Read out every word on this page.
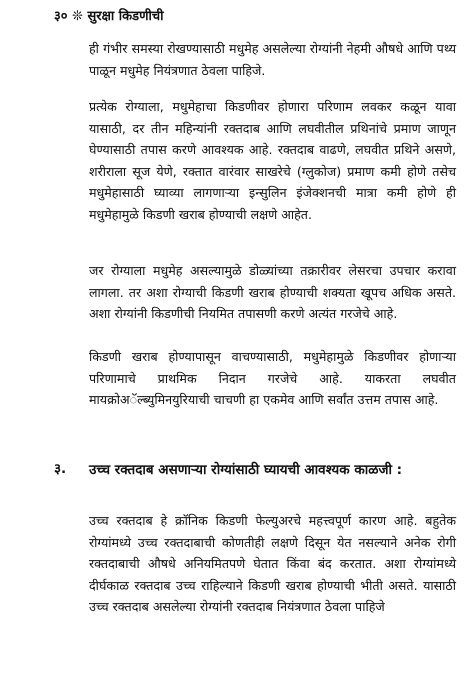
३० ❊ सुरक्षा किडणीची

ही गंभीर समस्या रोखण्यासाठी मधुमेह असलेल्या रोग्यांनी नेहमी औषधे आणि पथ्य पाळून मधुमेह नियंत्रणात ठेवला पाहिजे.

प्रत्येक रोग्याला, मधुमेहाचा किडणीवर होणारा परिणाम लवकर कळून यावा यासाठी, दर तीन महिन्यांनी रक्तदाब आणि लघवीतील प्रथिनांचे प्रमाण जाणून घेण्यासाठी तपास करणे आवश्यक आहे. रक्तदाब वाढणे, लघवीत प्रथिने असणे, शरीराला सूज येणे, रक्तात वारंवार साखरेचे (ग्लुकोज) प्रमाण कमी होणे तसेच मधुमेहासाठी घ्याव्या लागणाऱ्या इन्सुलिन इंजेक्शनची मात्रा कमी होणे ही मधुमेहामुळे किडणी खराब होण्याची लक्षणे आहेत.

जर रोग्याला मधुमेह असल्यामुळे डोळ्यांच्या तक्रारीवर लेसरचा उपचार करावा लागला. तर अशा रोग्याची किडणी खराब होण्याची शक्यता खूपच अधिक असते. अशा रोग्यांनी किडणीची नियमित तपासणी करणे अत्यंत गरजेचे आहे.

किडणी खराब होण्यापासून वाचण्यासाठी, मधुमेहामुळे किडणीवर होणाऱ्या परिणामाचे प्राथमिक निदान गरजेचे आहे. याकरता लघवीत मायक्रोअॅल्ब्युमिनयुरियाची चाचणी हा एकमेव आणि सर्वांत उत्तम तपास आहे.

३. उच्च रक्तदाब असणाऱ्या रोग्यांसाठी घ्यायची आवश्यक काळजी :

उच्च रक्तदाब हे क्रॉनिक किडणी फेल्युअरचे महत्त्वपूर्ण कारण आहे. बहुतेक रोग्यांमध्ये उच्च रक्तदाबाची कोणतीही लक्षणे दिसून येत नसल्याने अनेक रोगी रक्तदाबाची औषधे अनियमितपणे घेतात किंवा बंद करतात. अशा रोग्यांमध्ये दीर्घकाळ रक्तदाब उच्च राहिल्याने किडणी खराब होण्याची भीती असते. यासाठी उच्च रक्तदाब असलेल्या रोग्यांनी रक्तदाब नियंत्रणात ठेवला पाहिजे
